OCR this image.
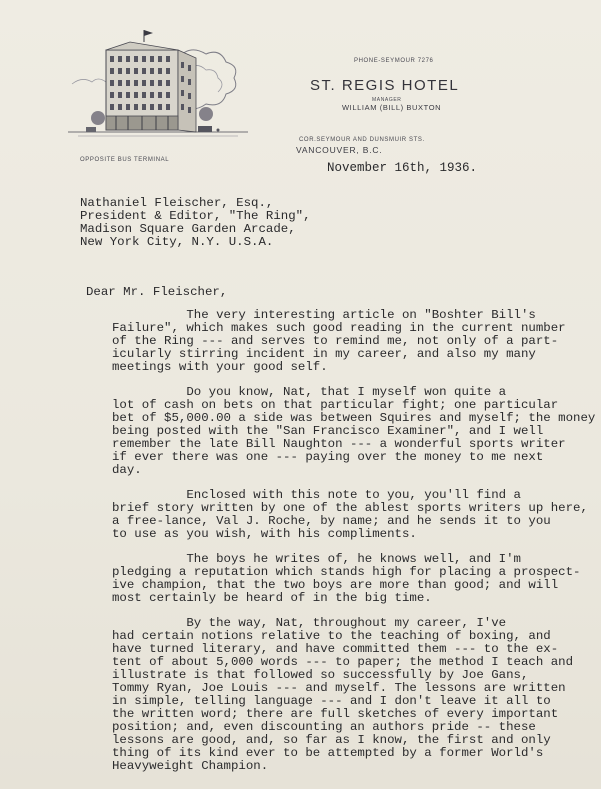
OPPOSITE BUS TERMINAL
PHONE-SEYMOUR 7276
ST. REGIS HOTEL
MANAGER
WILLIAM (BILL) BUXTON
COR.SEYMOUR AND DUNSMUIR STS.
VANCOUVER, B.C.
November 16th, 1936.
Nathaniel Fleischer, Esq.,
President & Editor, "The Ring",
Madison Square Garden Arcade,
New York City, N.Y. U.S.A.
Dear Mr. Fleischer,
The very interesting article on "Boshter Bill's
Failure", which makes such good reading in the current number
of the Ring --- and serves to remind me, not only of a part-
icularly stirring incident in my career, and also my many
meetings with your good self.
Do you know, Nat, that I myself won quite a
lot of cash on bets on that particular fight; one particular
bet of $5,000.00 a side was between Squires and myself; the money
being posted with the "San Francisco Examiner", and I well
remember the late Bill Naughton --- a wonderful sports writer
if ever there was one --- paying over the money to me next
day.
Enclosed with this note to you, you'll find a
brief story written by one of the ablest sports writers up here,
a free-lance, Val J. Roche, by name; and he sends it to you
to use as you wish, with his compliments.
The boys he writes of, he knows well, and I'm
pledging a reputation which stands high for placing a prospect-
ive champion, that the two boys are more than good; and will
most certainly be heard of in the big time.
By the way, Nat, throughout my career, I've
had certain notions relative to the teaching of boxing, and
have turned literary, and have committed them --- to the ex-
tent of about 5,000 words --- to paper; the method I teach and
illustrate is that followed so successfully by Joe Gans,
Tommy Ryan, Joe Louis --- and myself. The lessons are written
in simple, telling language --- and I don't leave it all to
the written word; there are full sketches of every important
position; and, even discounting an authors pride -- these
lessons are good, and, so far as I know, the first and only
thing of its kind ever to be attempted by a former World's
Heavyweight Champion.
